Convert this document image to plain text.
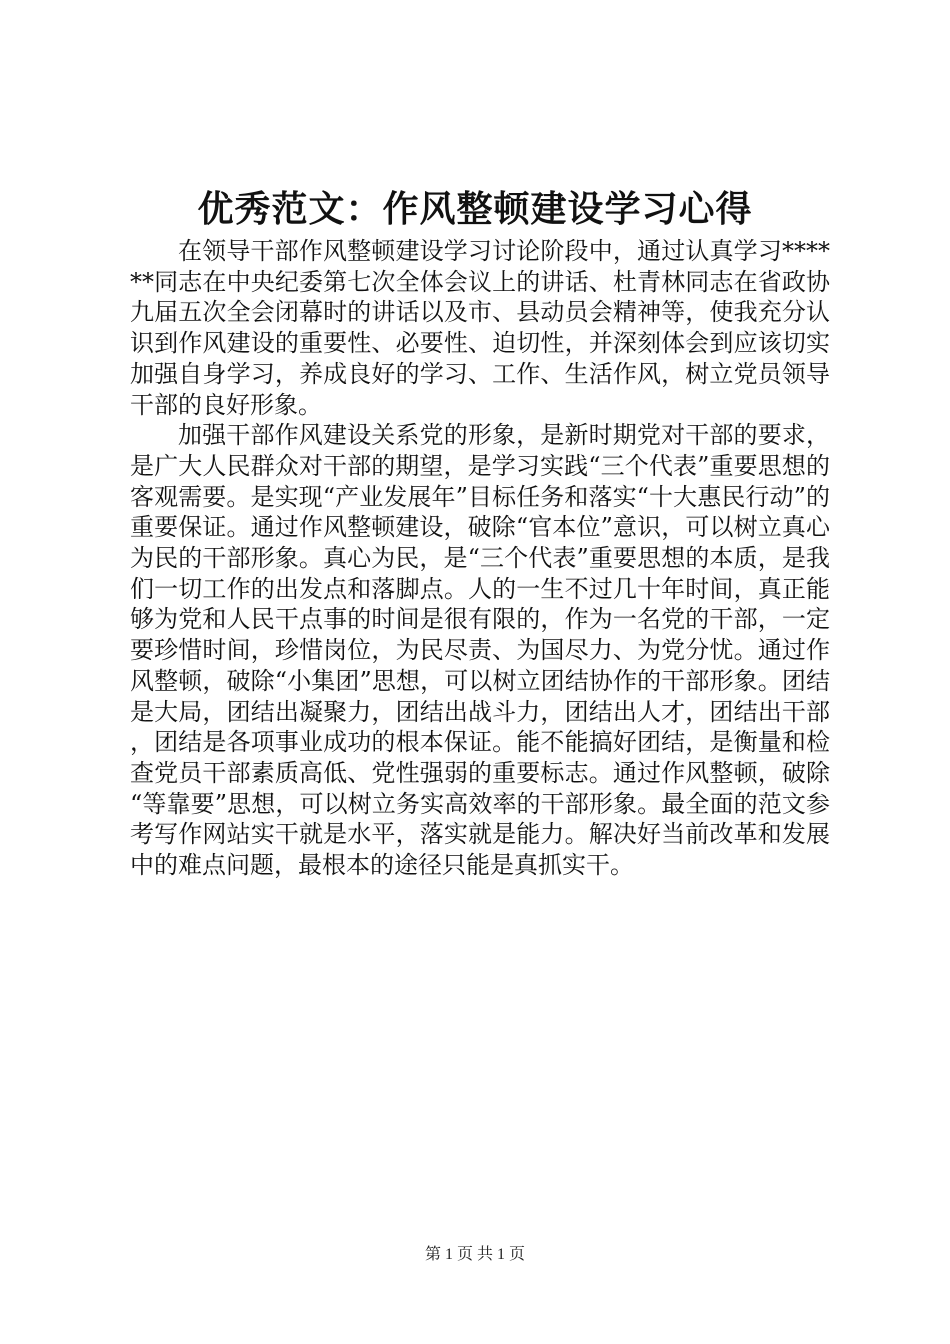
优秀范文：作风整顿建设学习心得

在领导干部作风整顿建设学习讨论阶段中，通过认真学习******同志在中央纪委第七次全体会议上的讲话、杜青林同志在省政协九届五次全会闭幕时的讲话以及市、县动员会精神等，使我充分认识到作风建设的重要性、必要性、迫切性，并深刻体会到应该切实加强自身学习，养成良好的学习、工作、生活作风，树立党员领导干部的良好形象。

加强干部作风建设关系党的形象，是新时期党对干部的要求，是广大人民群众对干部的期望，是学习实践“三个代表”重要思想的客观需要。是实现“产业发展年”目标任务和落实“十大惠民行动”的重要保证。通过作风整顿建设，破除“官本位”意识，可以树立真心为民的干部形象。真心为民，是“三个代表”重要思想的本质，是我们一切工作的出发点和落脚点。人的一生不过几十年时间，真正能够为党和人民干点事的时间是很有限的，作为一名党的干部，一定要珍惜时间，珍惜岗位，为民尽责、为国尽力、为党分忧。通过作风整顿，破除“小集团”思想，可以树立团结协作的干部形象。团结是大局，团结出凝聚力，团结出战斗力，团结出人才，团结出干部，团结是各项事业成功的根本保证。能不能搞好团结，是衡量和检查党员干部素质高低、党性强弱的重要标志。通过作风整顿，破除“等靠要”思想，可以树立务实高效率的干部形象。最全面的范文参考写作网站实干就是水平，落实就是能力。解决好当前改革和发展中的难点问题，最根本的途径只能是真抓实干。

第 1 页 共 1 页
